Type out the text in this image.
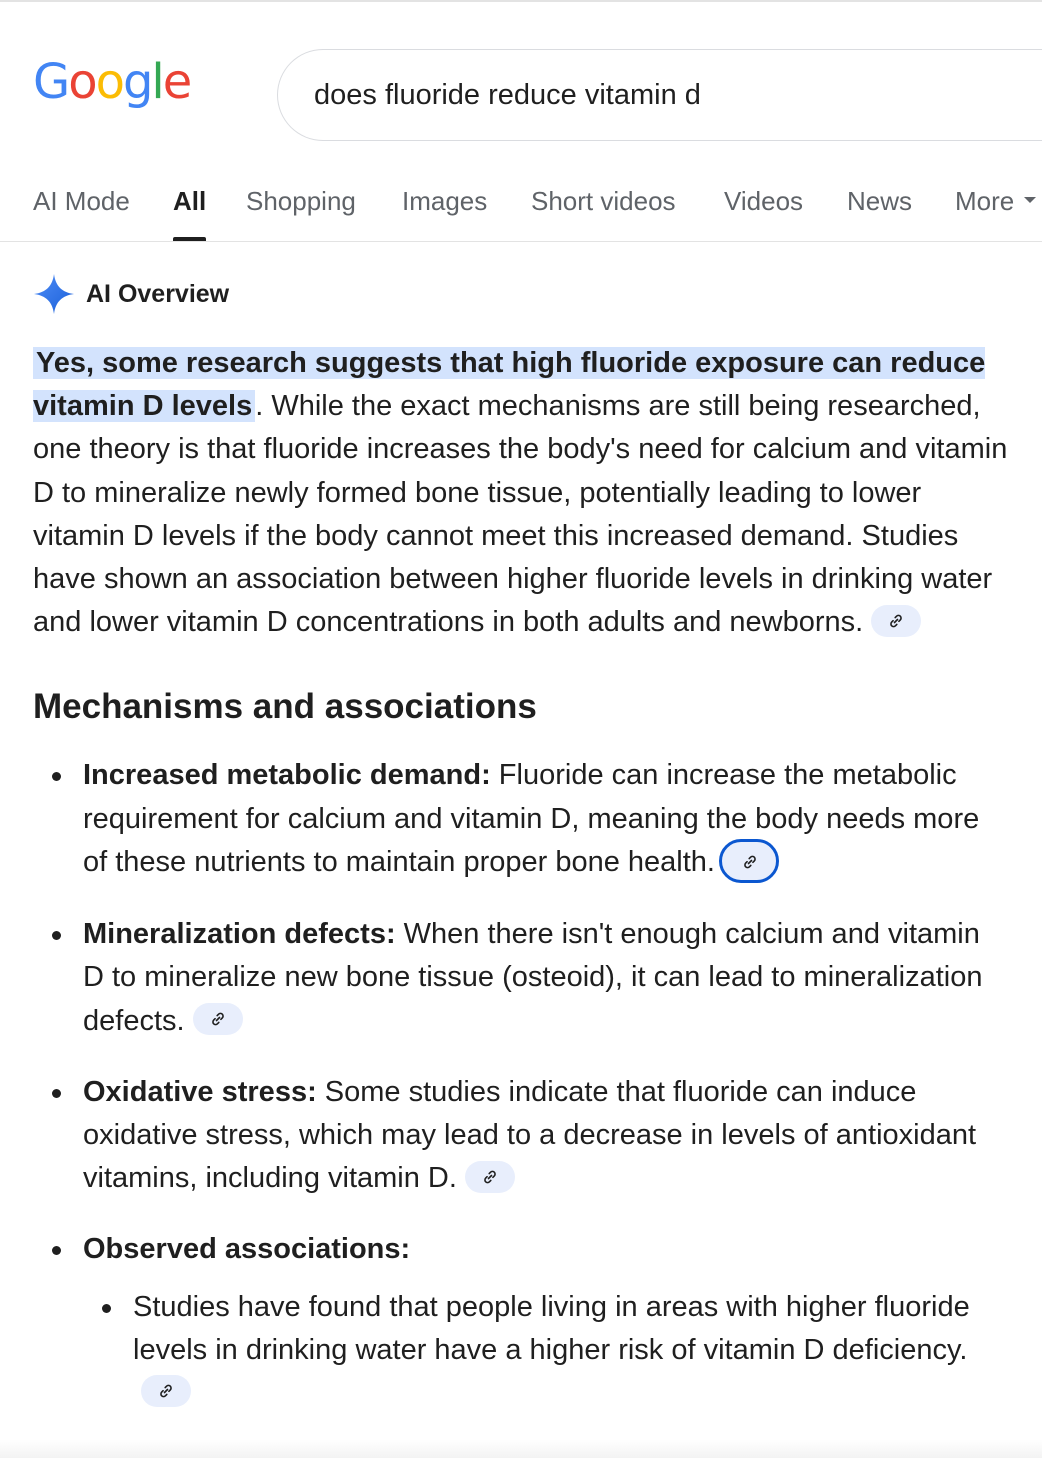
Google
does fluoride reduce vitamin d
AI Mode All Shopping Images Short videos Videos News More
AI Overview

Yes, some research suggests that high fluoride exposure can reduce vitamin D levels . While the exact mechanisms are still being researched, one theory is that fluoride increases the body's need for calcium and vitamin D to mineralize newly formed bone tissue, potentially leading to lower vitamin D levels if the body cannot meet this increased demand. Studies have shown an association between higher fluoride levels in drinking water and lower vitamin D concentrations in both adults and newborns.

Mechanisms and associations
Increased metabolic demand: Fluoride can increase the metabolic requirement for calcium and vitamin D, meaning the body needs more of these nutrients to maintain proper bone health.
Mineralization defects: When there isn't enough calcium and vitamin D to mineralize new bone tissue (osteoid), it can lead to mineralization defects.
Oxidative stress: Some studies indicate that fluoride can induce oxidative stress, which may lead to a decrease in levels of antioxidant vitamins, including vitamin D.
Observed associations:
Studies have found that people living in areas with higher fluoride levels in drinking water have a higher risk of vitamin D deficiency.
